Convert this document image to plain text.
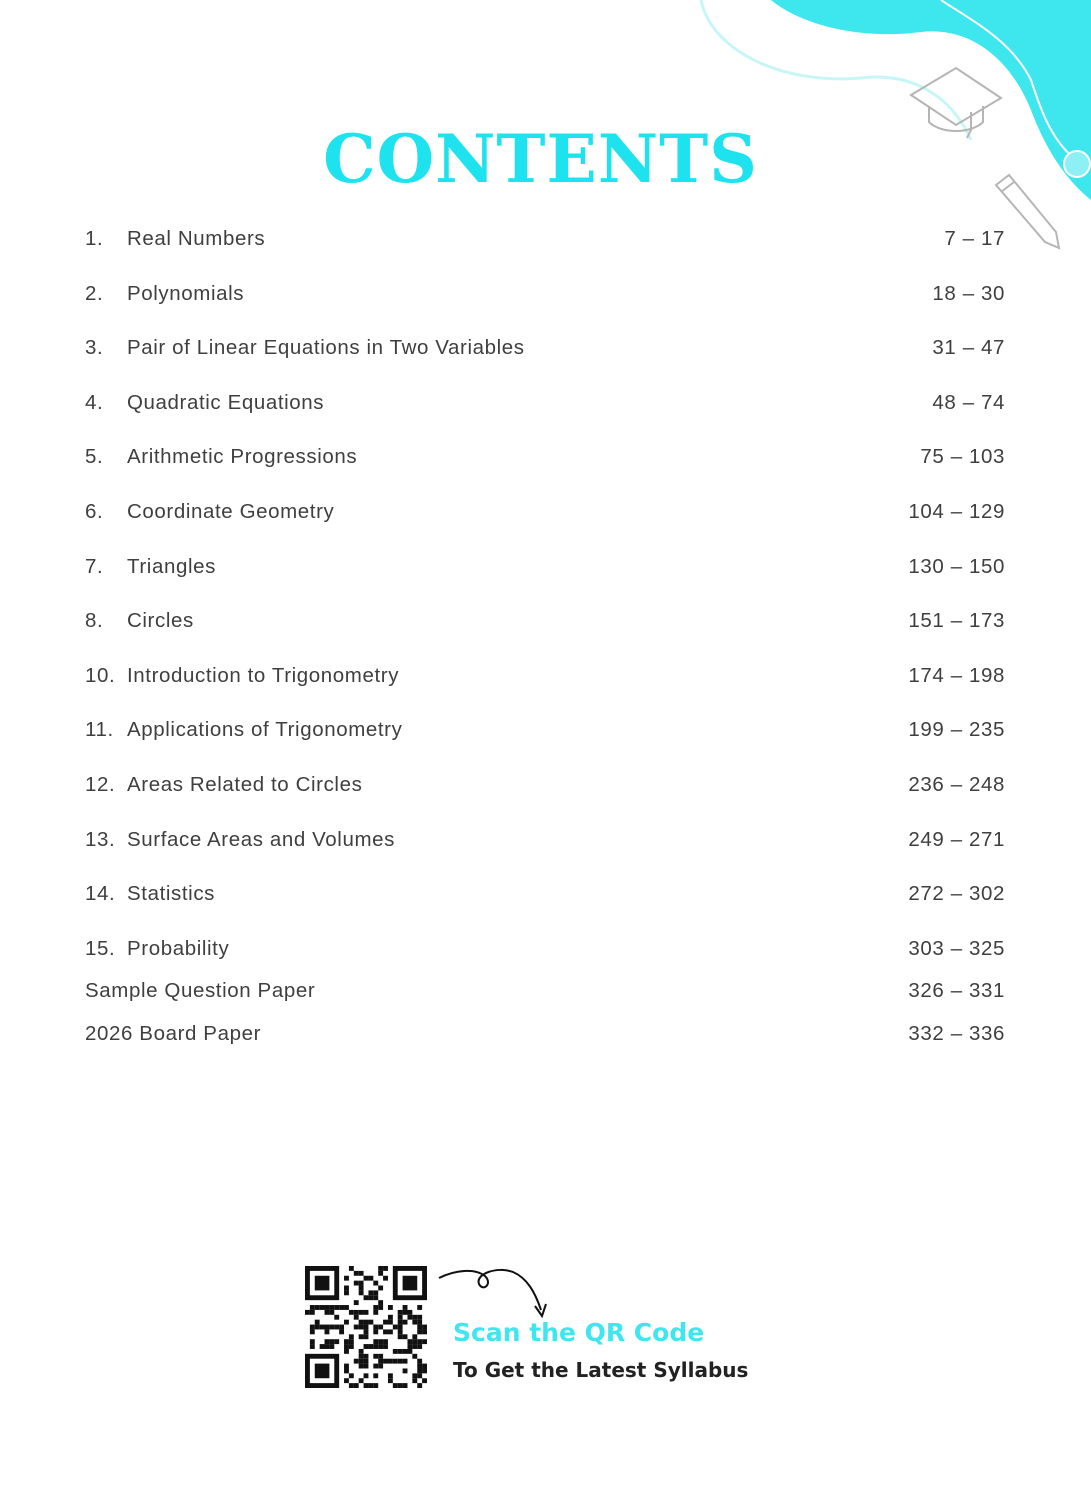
CONTENTS
1.	Real Numbers	7 – 17
2.	Polynomials	18 – 30
3.	Pair of Linear Equations in Two Variables	31 – 47
4.	Quadratic Equations	48 – 74
5.	Arithmetic Progressions	75 – 103
6.	Coordinate Geometry	104 – 129
7.	Triangles	130 – 150
8.	Circles	151 – 173
10. Introduction to Trigonometry	174 – 198
11. Applications of Trigonometry	199 – 235
12. Areas Related to Circles	236 – 248
13. Surface Areas and Volumes	249 – 271
14. Statistics	272 – 302
15. Probability	303 – 325
Sample Question Paper	326 – 331
2026 Board Paper	332 – 336
Scan the QR Code
To Get the Latest Syllabus
